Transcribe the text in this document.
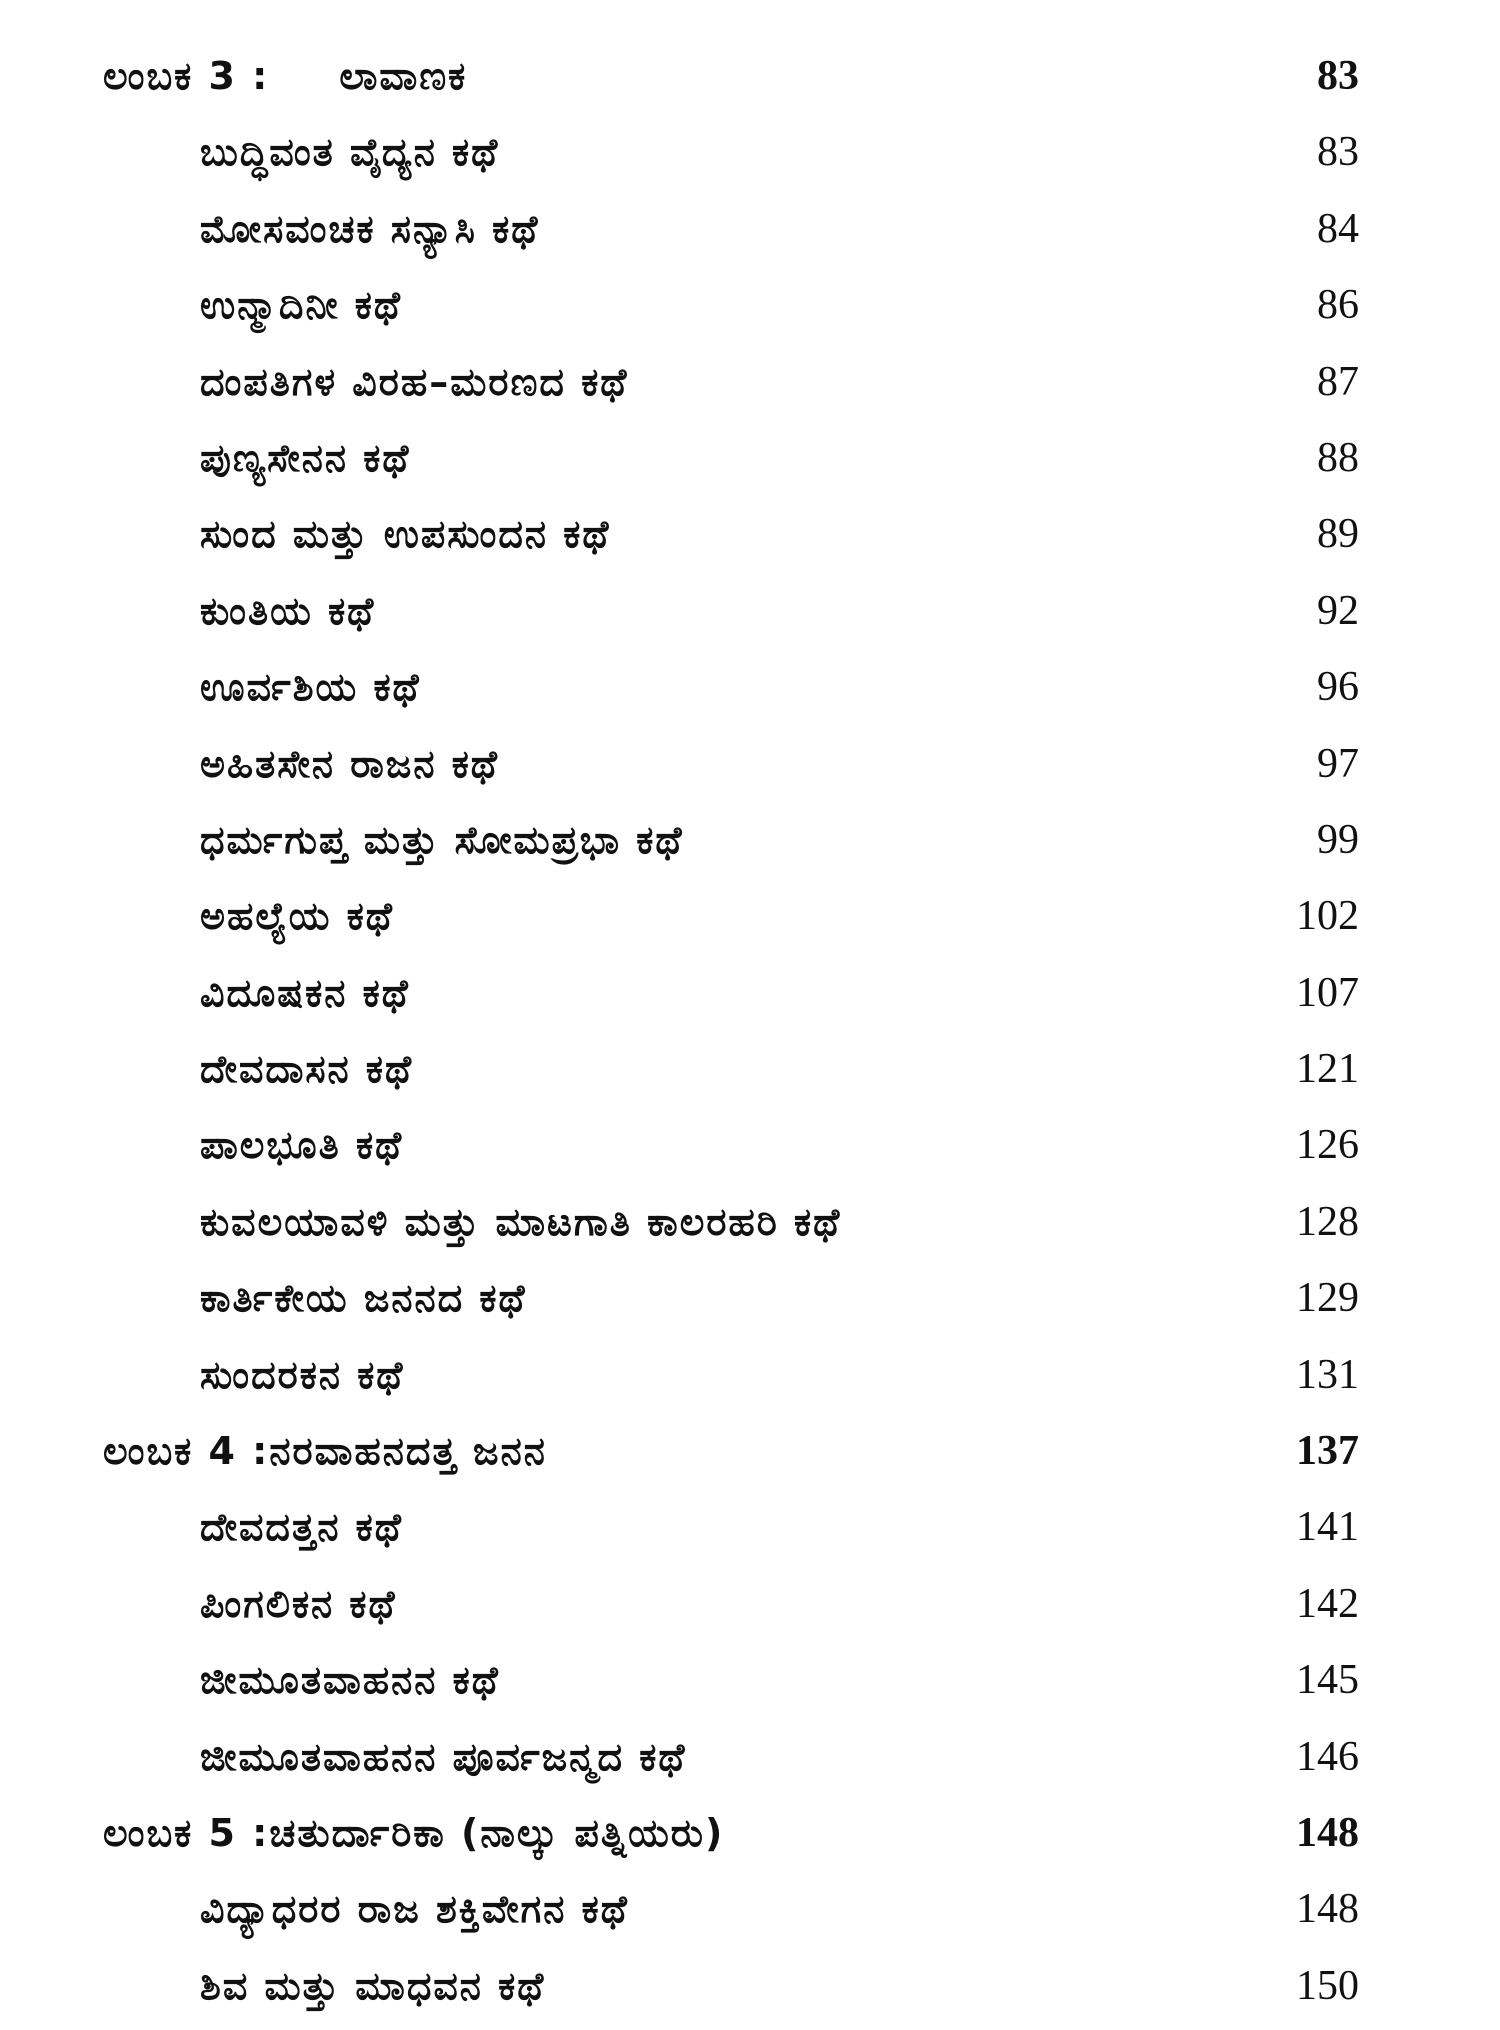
ಲಂಬಕ 3 : ಲಾವಾಣಕ	83
ಬುದ್ಧಿವಂತ ವೈದ್ಯನ ಕಥೆ	83
ಮೋಸವಂಚಕ ಸನ್ಯಾಸಿ ಕಥೆ	84
ಉನ್ಮಾದಿನೀ ಕಥೆ	86
ದಂಪತಿಗಳ ವಿರಹ–ಮರಣದ ಕಥೆ	87
ಪುಣ್ಯಸೇನನ ಕಥೆ	88
ಸುಂದ ಮತ್ತು ಉಪಸುಂದನ ಕಥೆ	89
ಕುಂತಿಯ ಕಥೆ	92
ಊರ್ವಶಿಯ ಕಥೆ	96
ಅಹಿತಸೇನ ರಾಜನ ಕಥೆ	97
ಧರ್ಮಗುಪ್ತ ಮತ್ತು ಸೋಮಪ್ರಭಾ ಕಥೆ	99
ಅಹಲ್ಯೆಯ ಕಥೆ	102
ವಿದೂಷಕನ ಕಥೆ	107
ದೇವದಾಸನ ಕಥೆ	121
ಪಾಲಭೂತಿ ಕಥೆ	126
ಕುವಲಯಾವಳಿ ಮತ್ತು ಮಾಟಗಾತಿ ಕಾಲರಹರಿ ಕಥೆ	128
ಕಾರ್ತಿಕೇಯ ಜನನದ ಕಥೆ	129
ಸುಂದರಕನ ಕಥೆ	131
ಲಂಬಕ 4 :ನರವಾಹನದತ್ತ ಜನನ	137
ದೇವದತ್ತನ ಕಥೆ	141
ಪಿಂಗಲಿಕನ ಕಥೆ	142
ಜೀಮೂತವಾಹನನ ಕಥೆ	145
ಜೀಮೂತವಾಹನನ ಪೂರ್ವಜನ್ಮದ ಕಥೆ	146
ಲಂಬಕ 5 :ಚತುರ್ದಾರಿಕಾ (ನಾಲ್ಕು ಪತ್ನಿಯರು)	148
ವಿದ್ಯಾಧರರ ರಾಜ ಶಕ್ತಿವೇಗನ ಕಥೆ	148
ಶಿವ ಮತ್ತು ಮಾಧವನ ಕಥೆ	150
